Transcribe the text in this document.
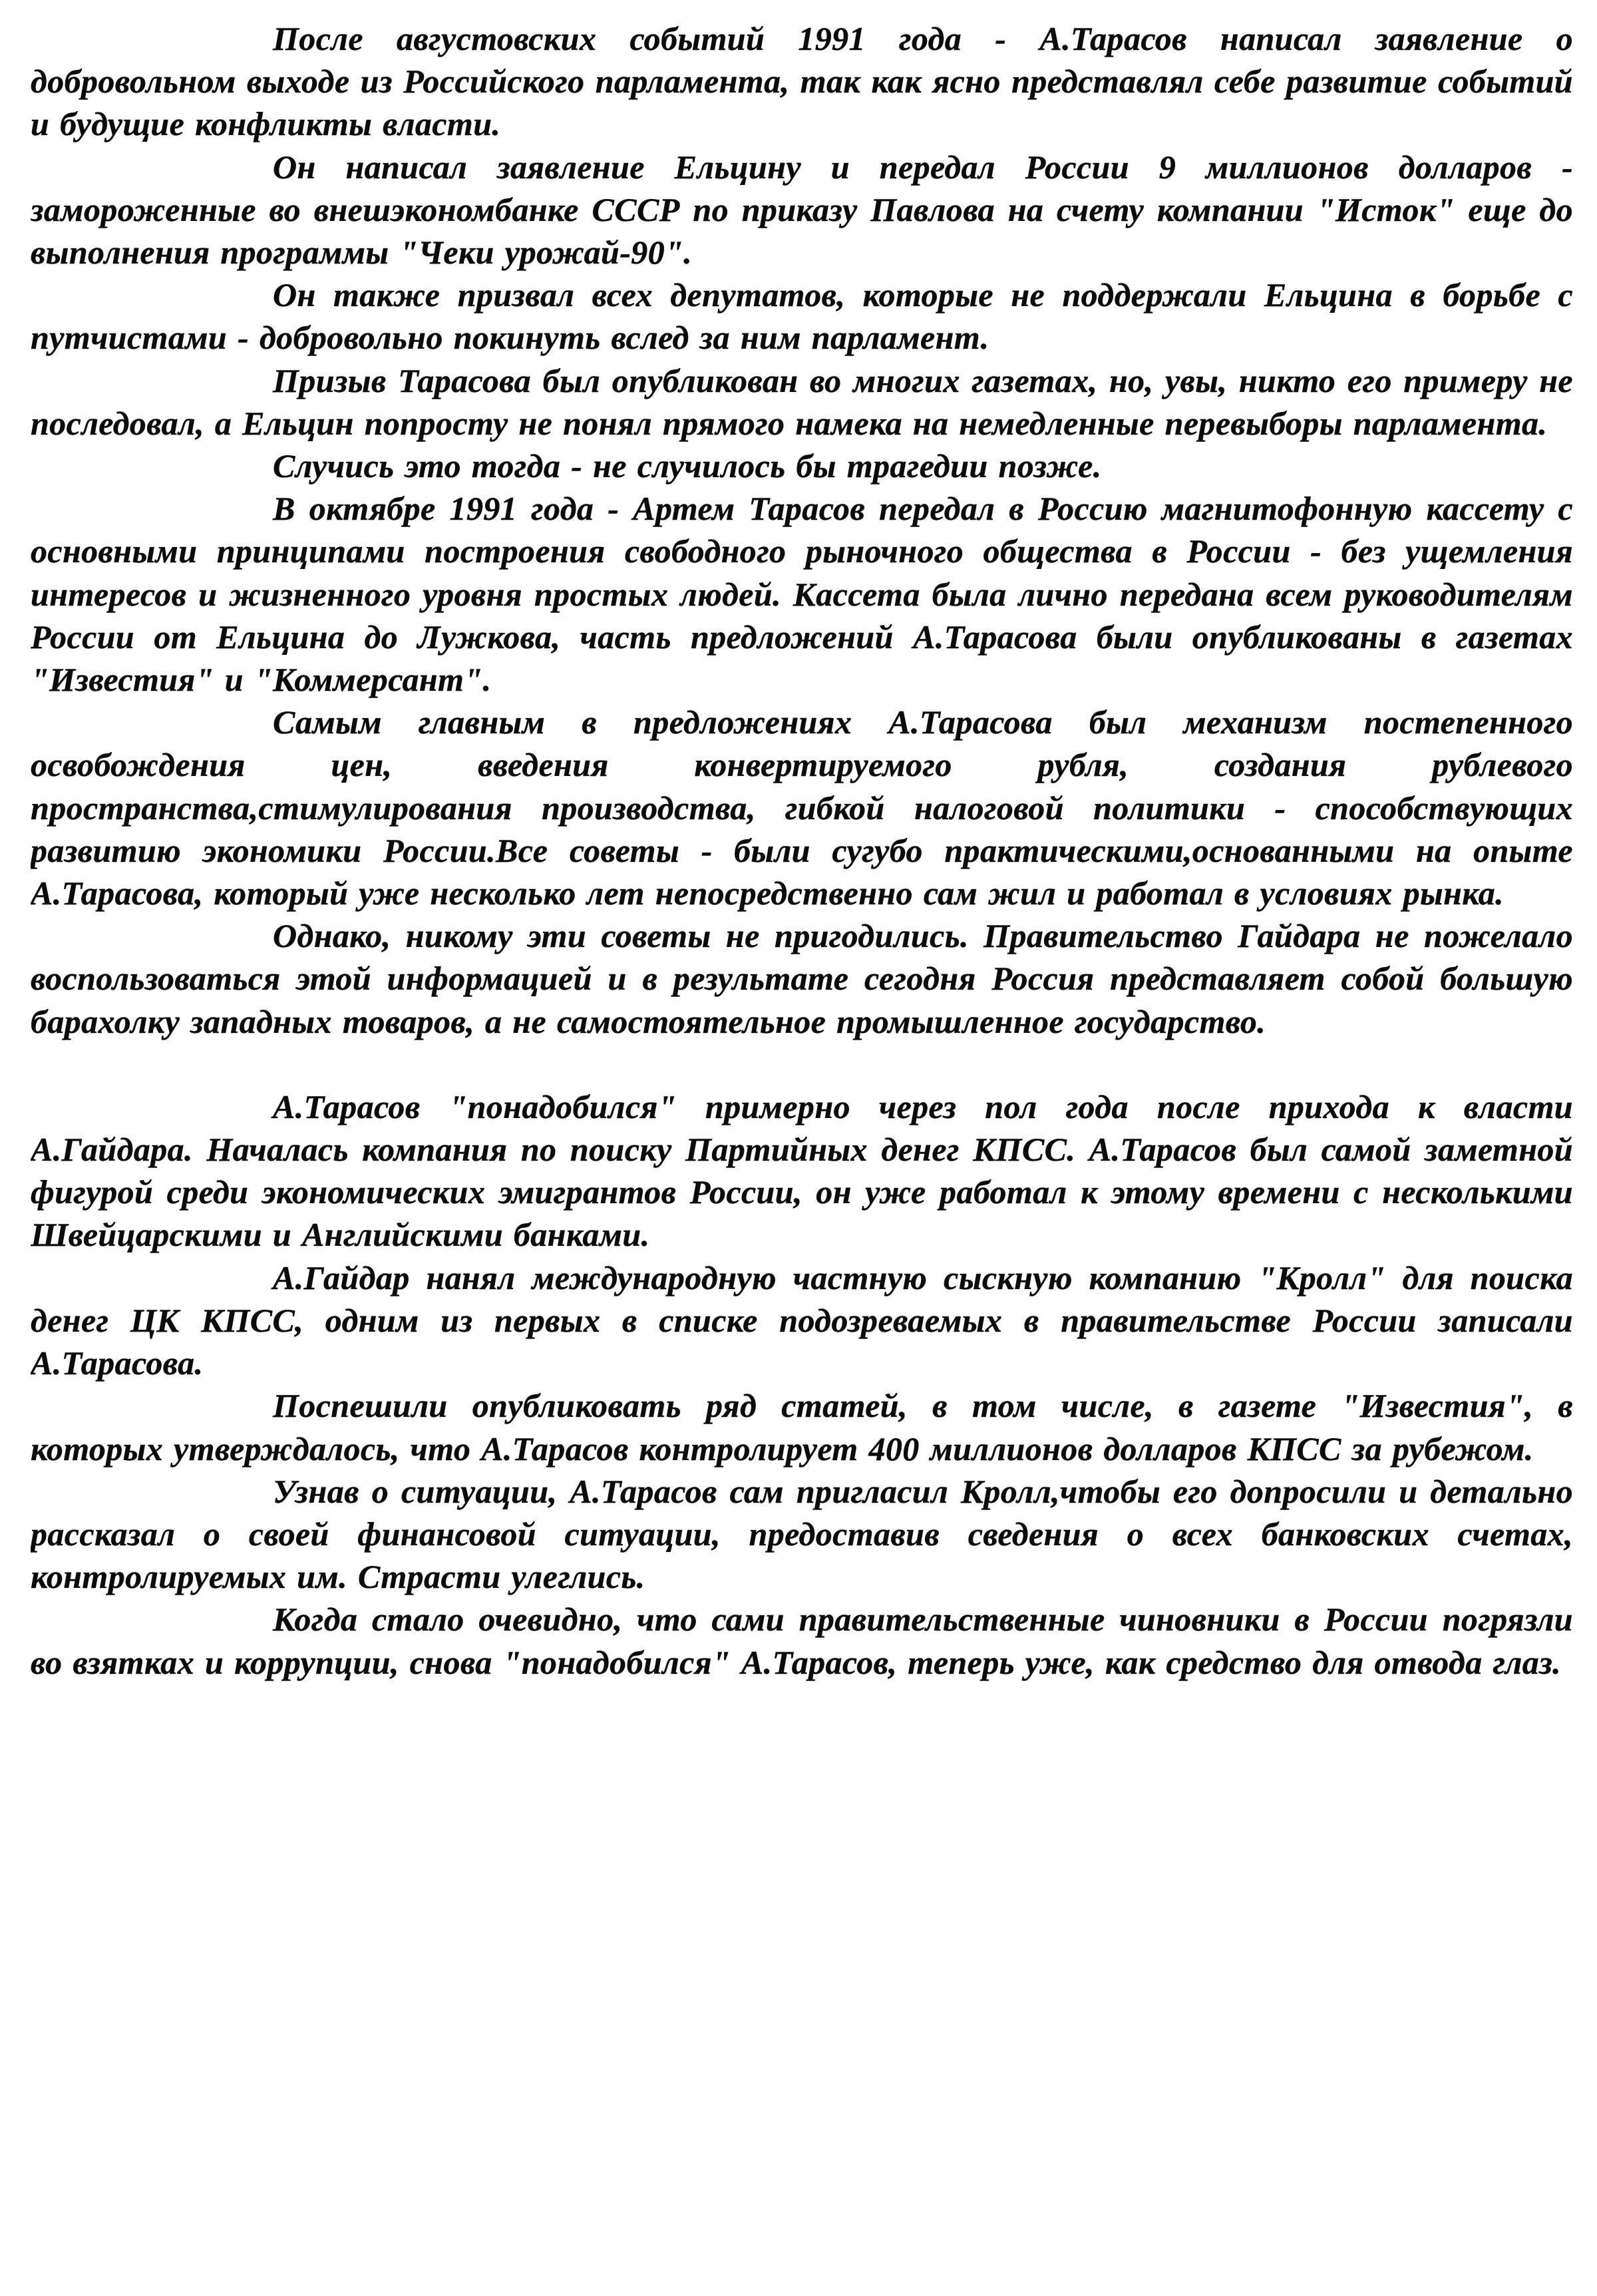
После августовских событий 1991 года - А.Тарасов написал заявление о добровольном выходе из Российского парламента, так как ясно представлял себе развитие событий и будущие конфликты власти.

Он написал заявление Ельцину и передал России 9 миллионов долларов - замороженные во внешэкономбанке СССР по приказу Павлова на счету компании "Исток" еще до выполнения программы "Чеки урожай-90".

Он также призвал всех депутатов, которые не поддержали Ельцина в борьбе с путчистами - добровольно покинуть вслед за ним парламент.

Призыв Тарасова был опубликован во многих газетах, но, увы, никто его примеру не последовал, а Ельцин попросту не понял прямого намека на немедленные перевыборы парламента.

Случись это тогда - не случилось бы трагедии позже.

В октябре 1991 года - Артем Тарасов передал в Россию магнитофонную кассету с основными принципами построения свободного рыночного общества в России - без ущемления интересов и жизненного уровня простых людей. Кассета была лично передана всем руководителям России от Ельцина до Лужкова, часть предложений А.Тарасова были опубликованы в газетах "Известия" и "Коммерсант".

Самым главным в предложениях А.Тарасова был механизм постепенного освобождения цен, введения конвертируемого рубля, создания рублевого пространства,стимулирования производства, гибкой налоговой политики - способствующих развитию экономики России.Все советы - были сугубо практическими,основанными на опыте А.Тарасова, который уже несколько лет непосредственно сам жил и работал в условиях рынка.

Однако, никому эти советы не пригодились. Правительство Гайдара не пожелало воспользоваться этой информацией и в результате сегодня Россия представляет собой большую барахолку западных товаров, а не самостоятельное промышленное государство.

А.Тарасов "понадобился" примерно через пол года после прихода к власти А.Гайдара. Началась компания по поиску Партийных денег КПСС. А.Тарасов был самой заметной фигурой среди экономических эмигрантов России, он уже работал к этому времени с несколькими Швейцарскими и Английскими банками.

А.Гайдар нанял международную частную сыскную компанию "Кролл" для поиска денег ЦК КПСС, одним из первых в списке подозреваемых в правительстве России записали А.Тарасова.

Поспешили опубликовать ряд статей, в том числе, в газете "Известия", в которых утверждалось, что А.Тарасов контролирует 400 миллионов долларов КПСС за рубежом.

Узнав о ситуации, А.Тарасов сам пригласил Кролл,чтобы его допросили и детально рассказал о своей финансовой ситуации, предоставив сведения о всех банковских счетах, контролируемых им. Страсти улеглись.

Когда стало очевидно, что сами правительственные чиновники в России погрязли во взятках и коррупции, снова "понадобился" А.Тарасов, теперь уже, как средство для отвода глаз.
